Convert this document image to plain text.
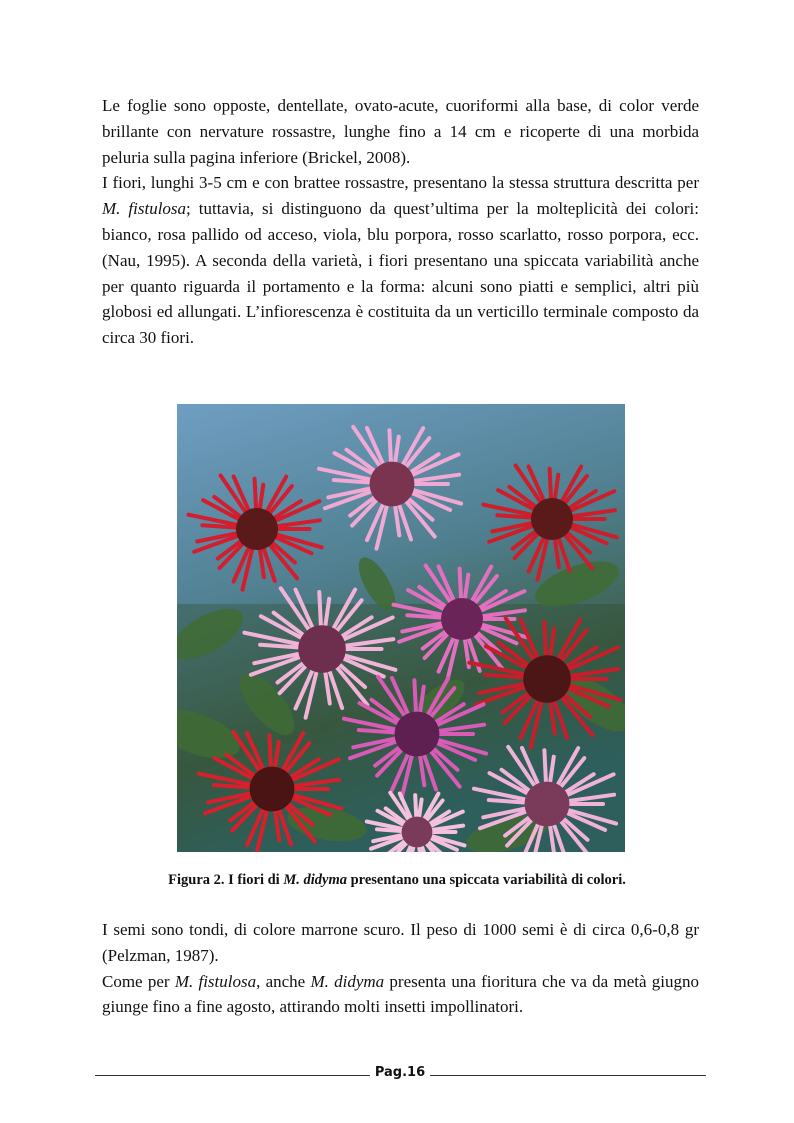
Le foglie sono opposte, dentellate, ovato-acute, cuoriformi alla base, di color verde brillante con nervature rossastre, lunghe fino a 14 cm e ricoperte di una morbida peluria sulla pagina inferiore (Brickel, 2008).

I fiori, lunghi 3-5 cm e con brattee rossastre, presentano la stessa struttura descritta per M. fistulosa; tuttavia, si distinguono da quest’ultima per la molteplicità dei colori: bianco, rosa pallido od acceso, viola, blu porpora, rosso scarlatto, rosso porpora, ecc. (Nau, 1995). A seconda della varietà, i fiori presentano una spiccata variabilità anche per quanto riguarda il portamento e la forma: alcuni sono piatti e semplici, altri più globosi ed allungati. L’infiorescenza è costituita da un verticillo terminale composto da circa 30 fiori.

Figura 2. I fiori di M. didyma presentano una spiccata variabilità di colori.

I semi sono tondi, di colore marrone scuro. Il peso di 1000 semi è di circa 0,6-0,8 gr (Pelzman, 1987).

Come per M. fistulosa, anche M. didyma presenta una fioritura che va da metà giugno giunge fino a fine agosto, attirando molti insetti impollinatori.

Pag.16
